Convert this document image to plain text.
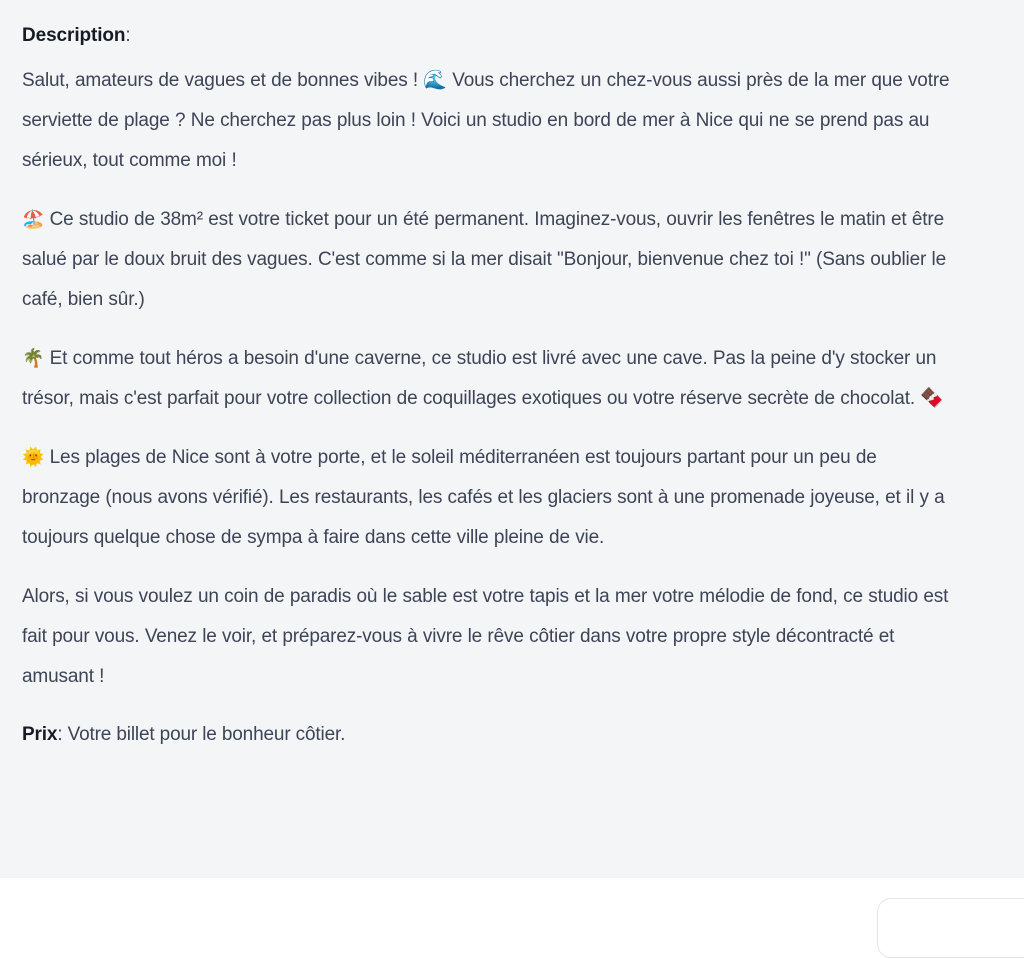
Description:

Salut, amateurs de vagues et de bonnes vibes ! 🌊 Vous cherchez un chez-vous aussi près de la mer que votre serviette de plage ? Ne cherchez pas plus loin ! Voici un studio en bord de mer à Nice qui ne se prend pas au sérieux, tout comme moi !

🏖️ Ce studio de 38m² est votre ticket pour un été permanent. Imaginez-vous, ouvrir les fenêtres le matin et être salué par le doux bruit des vagues. C'est comme si la mer disait "Bonjour, bienvenue chez toi !" (Sans oublier le café, bien sûr.)

🌴 Et comme tout héros a besoin d'une caverne, ce studio est livré avec une cave. Pas la peine d'y stocker un trésor, mais c'est parfait pour votre collection de coquillages exotiques ou votre réserve secrète de chocolat. 🍫

🌞 Les plages de Nice sont à votre porte, et le soleil méditerranéen est toujours partant pour un peu de bronzage (nous avons vérifié). Les restaurants, les cafés et les glaciers sont à une promenade joyeuse, et il y a toujours quelque chose de sympa à faire dans cette ville pleine de vie.

Alors, si vous voulez un coin de paradis où le sable est votre tapis et la mer votre mélodie de fond, ce studio est fait pour vous. Venez le voir, et préparez-vous à vivre le rêve côtier dans votre propre style décontracté et amusant !

Prix: Votre billet pour le bonheur côtier.
